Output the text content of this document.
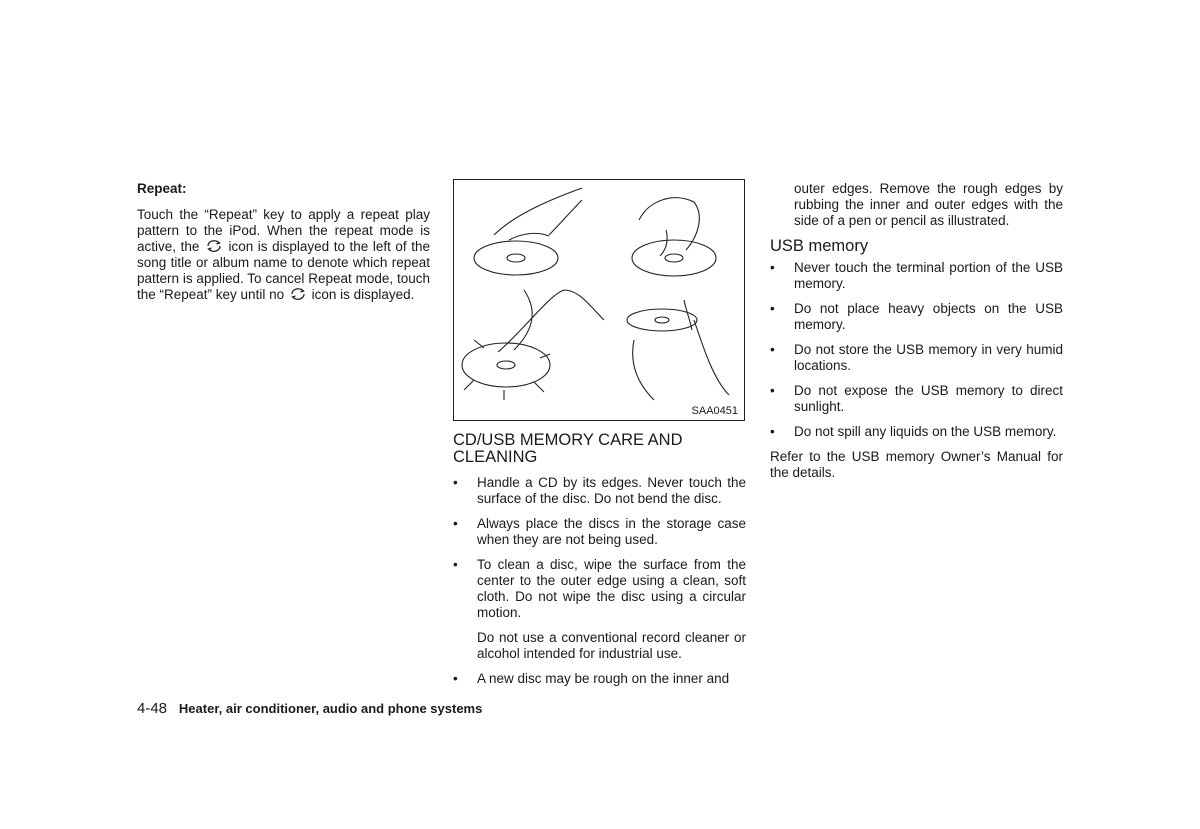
Repeat:

Touch the “Repeat” key to apply a repeat play pattern to the iPod. When the repeat mode is active, the  icon is displayed to the left of the song title or album name to denote which repeat pattern is applied. To cancel Repeat mode, touch the “Repeat” key until no  icon is displayed.

SAA0451

CD/USB MEMORY CARE AND CLEANING

• Handle a CD by its edges. Never touch the surface of the disc. Do not bend the disc.
• Always place the discs in the storage case when they are not being used.
• To clean a disc, wipe the surface from the center to the outer edge using a clean, soft cloth. Do not wipe the disc using a circular motion.

Do not use a conventional record cleaner or alcohol intended for industrial use.

• A new disc may be rough on the inner and

outer edges. Remove the rough edges by rubbing the inner and outer edges with the side of a pen or pencil as illustrated.

USB memory

• Never touch the terminal portion of the USB memory.
• Do not place heavy objects on the USB memory.
• Do not store the USB memory in very humid locations.
• Do not expose the USB memory to direct sunlight.
• Do not spill any liquids on the USB memory.

Refer to the USB memory Owner’s Manual for the details.

4-48 Heater, air conditioner, audio and phone systems
